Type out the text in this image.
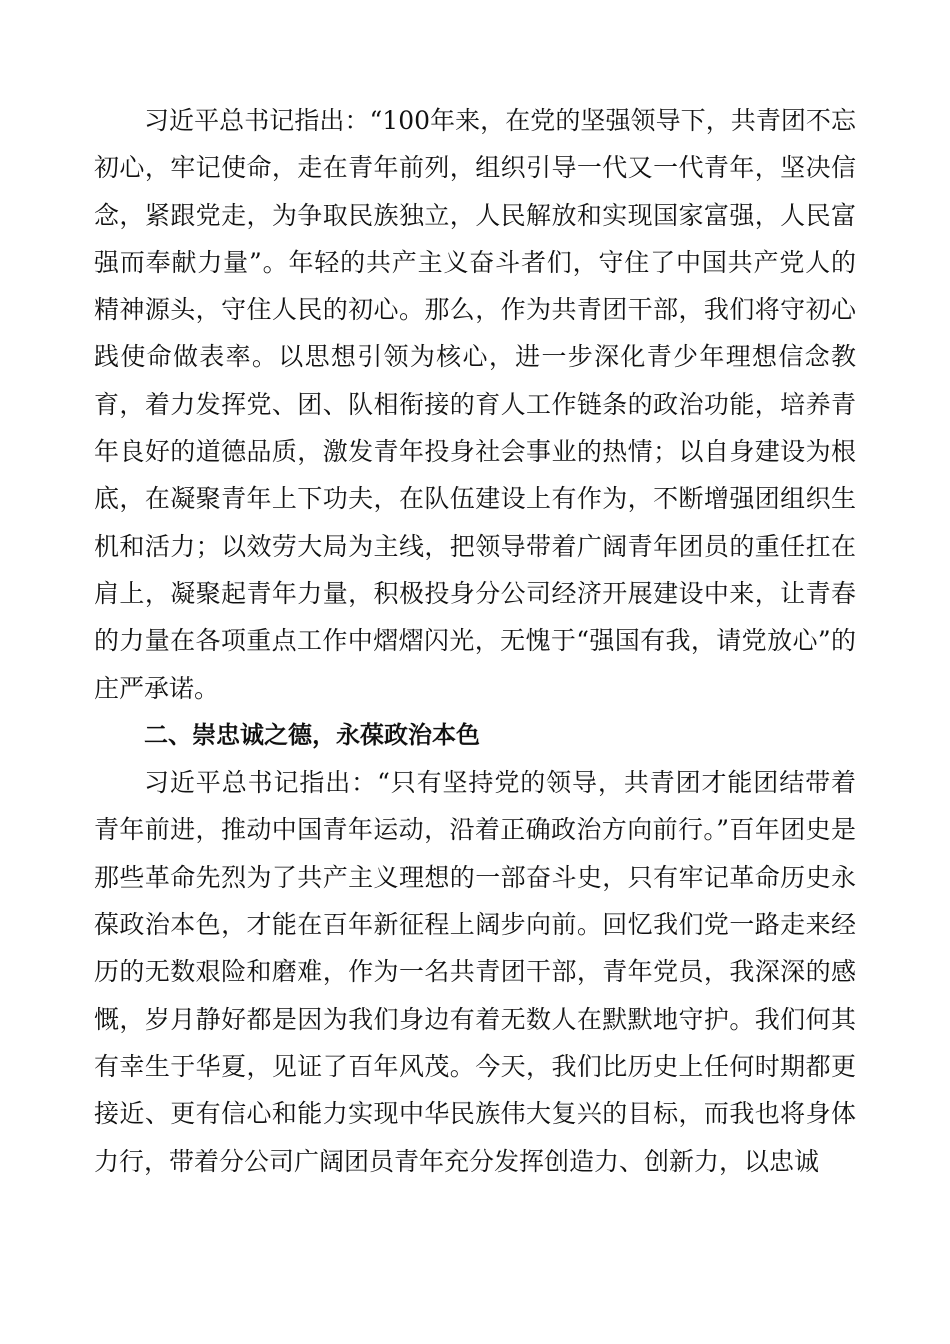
习近平总书记指出：“100年来，在党的坚强领导下，共青团不忘初心，牢记使命，走在青年前列，组织引导一代又一代青年，坚决信念，紧跟党走，为争取民族独立，人民解放和实现国家富强，人民富强而奉献力量”。年轻的共产主义奋斗者们，守住了中国共产党人的精神源头，守住人民的初心。那么，作为共青团干部，我们将守初心践使命做表率。以思想引领为核心，进一步深化青少年理想信念教育，着力发挥党、团、队相衔接的育人工作链条的政治功能，培养青年良好的道德品质，激发青年投身社会事业的热情；以自身建设为根底，在凝聚青年上下功夫，在队伍建设上有作为，不断增强团组织生机和活力；以效劳大局为主线，把领导带着广阔青年团员的重任扛在肩上，凝聚起青年力量，积极投身分公司经济开展建设中来，让青春的力量在各项重点工作中熠熠闪光，无愧于“强国有我，请党放心”的庄严承诺。

二、崇忠诚之德，永葆政治本色

习近平总书记指出：“只有坚持党的领导，共青团才能团结带着青年前进，推动中国青年运动，沿着正确政治方向前行。”百年团史是那些革命先烈为了共产主义理想的一部奋斗史，只有牢记革命历史永葆政治本色，才能在百年新征程上阔步向前。回忆我们党一路走来经历的无数艰险和磨难，作为一名共青团干部，青年党员，我深深的感慨，岁月静好都是因为我们身边有着无数人在默默地守护。我们何其有幸生于华夏，见证了百年风茂。今天，我们比历史上任何时期都更接近、更有信心和能力实现中华民族伟大复兴的目标，而我也将身体力行，带着分公司广阔团员青年充分发挥创造力、创新力，以忠诚
